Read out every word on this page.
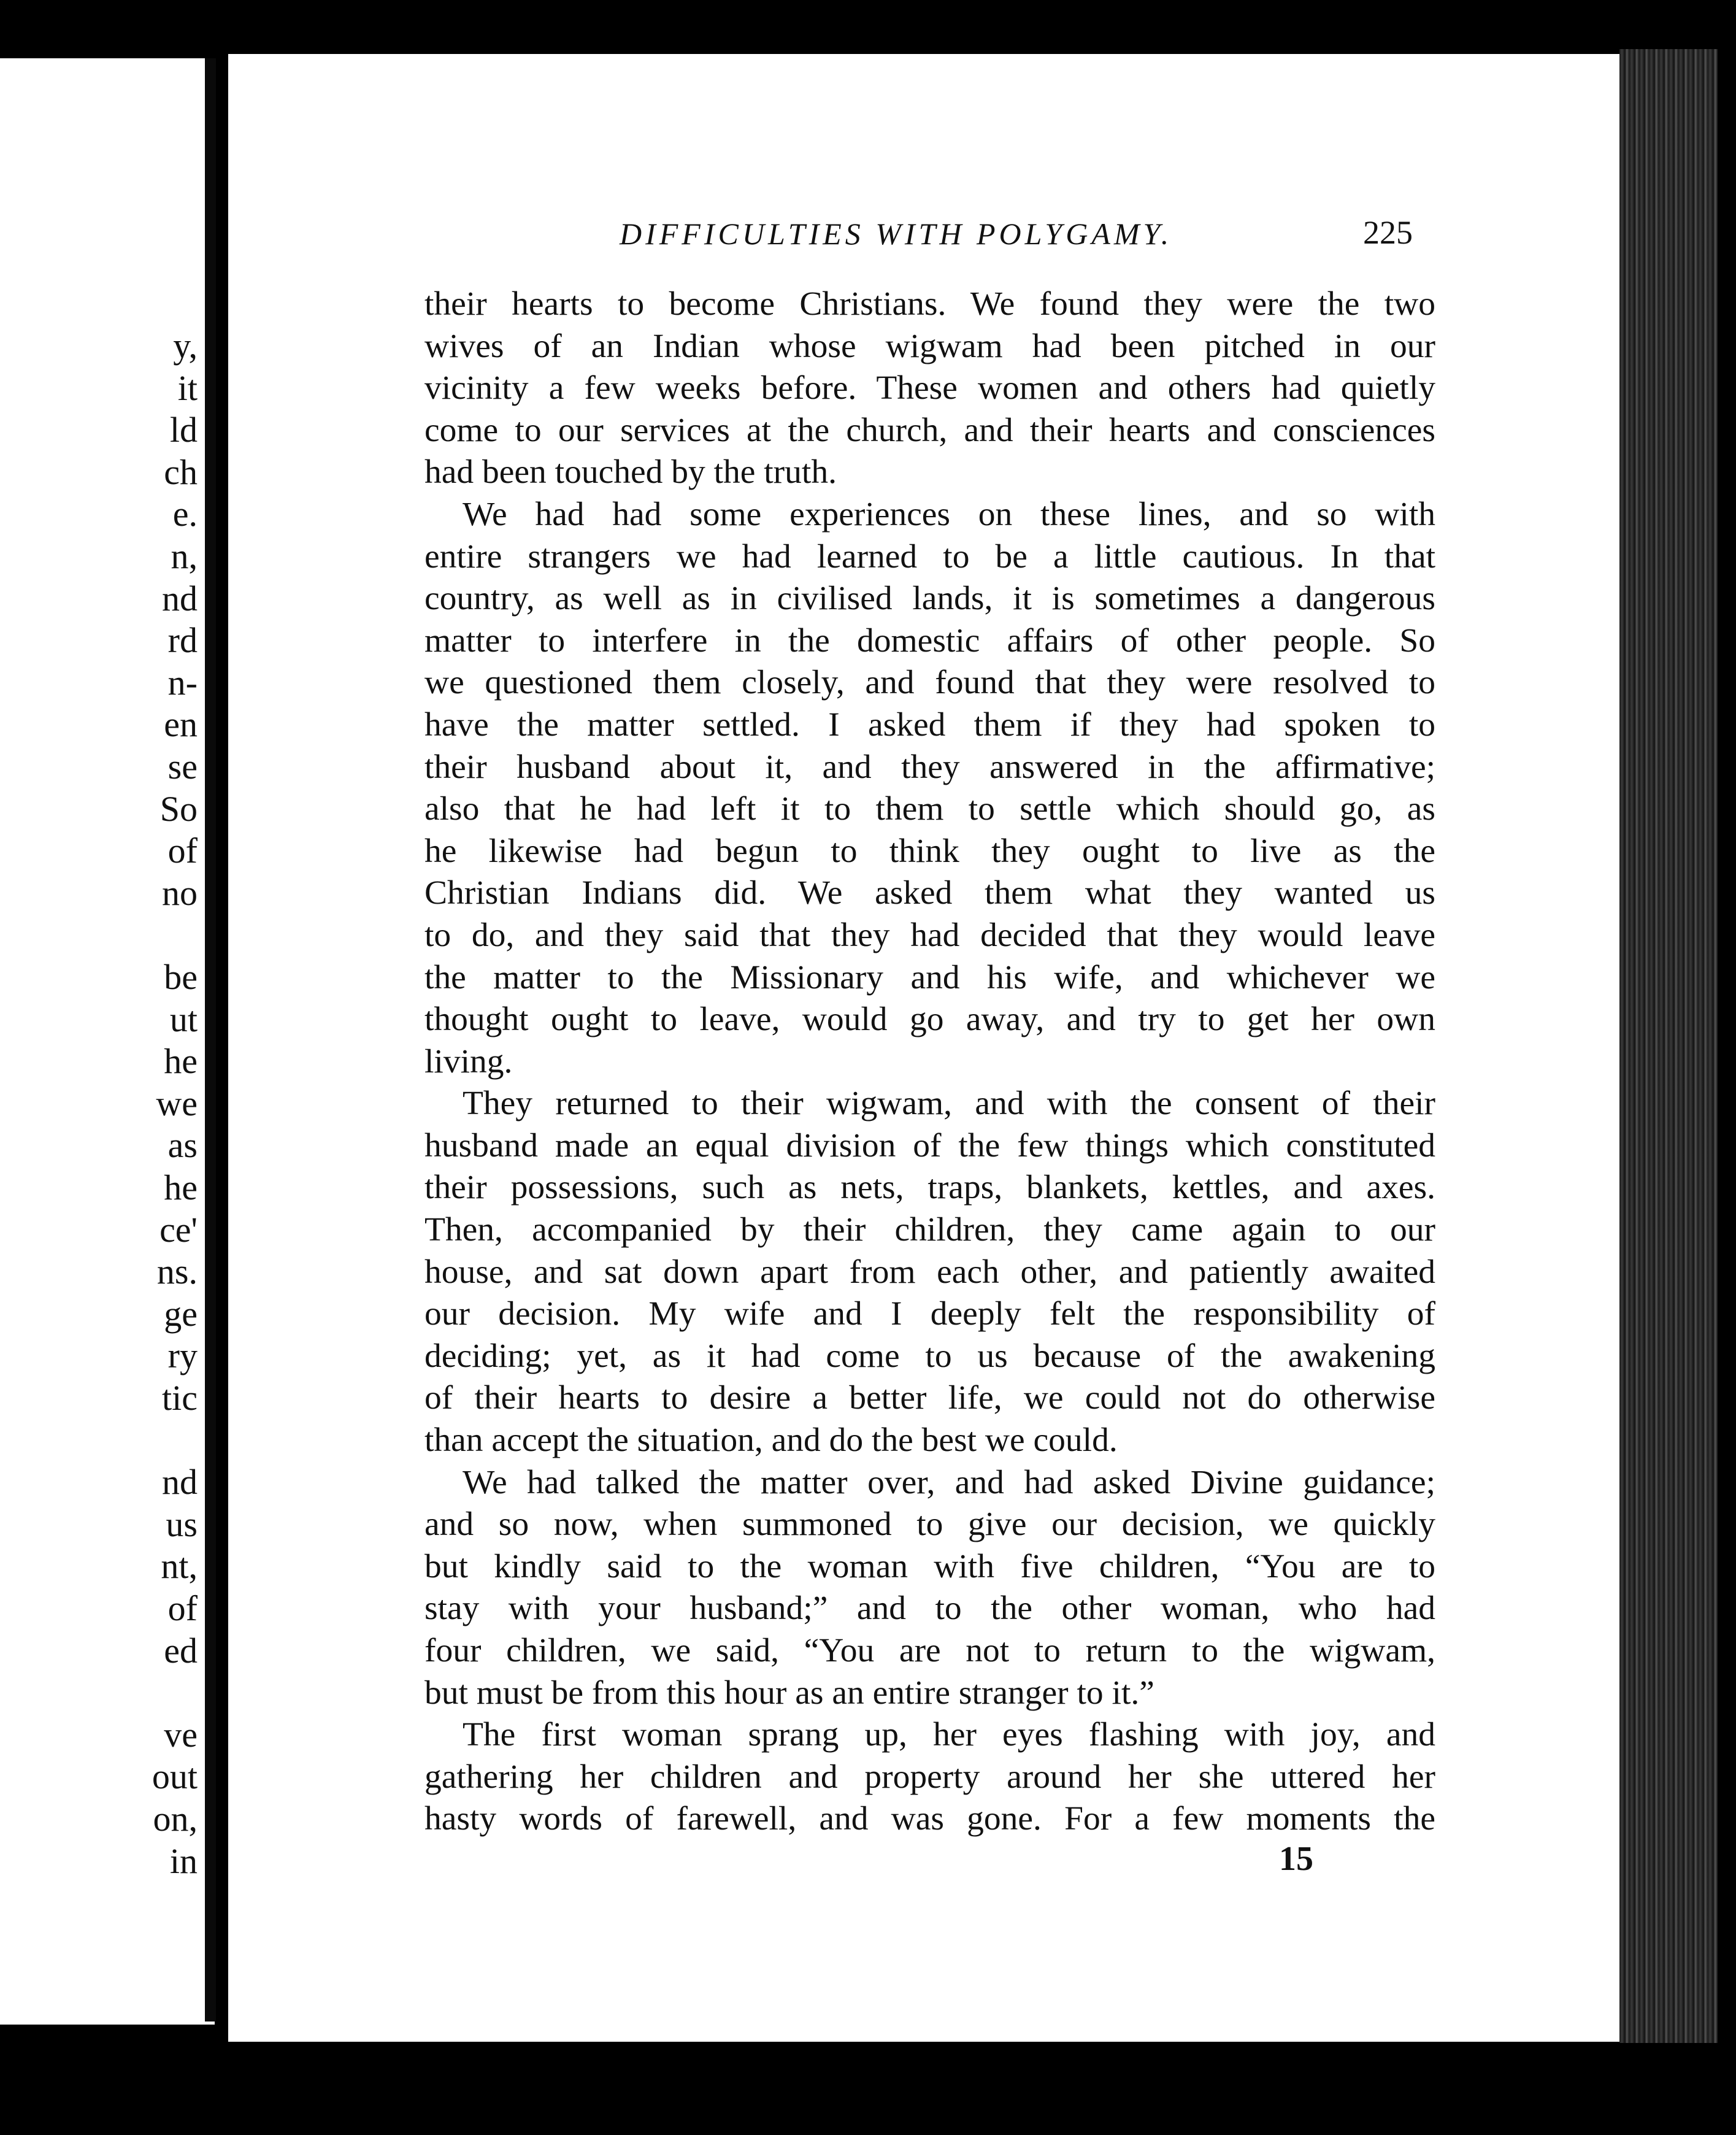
y,
it
ld
ch
e.
n,
nd
rd
n-
en
se
So
of
no
be
ut
he
we
as
he
ce'
ns.
ge
ry
tic
nd
us
nt,
of
ed
ve
out
on,
in
DIFFICULTIES WITH POLYGAMY.	225
their hearts to become Christians. We found they were the two
wives of an Indian whose wigwam had been pitched in our
vicinity a few weeks before. These women and others had quietly
come to our services at the church, and their hearts and consciences
had been touched by the truth.
We had had some experiences on these lines, and so with
entire strangers we had learned to be a little cautious. In that
country, as well as in civilised lands, it is sometimes a dangerous
matter to interfere in the domestic affairs of other people. So
we questioned them closely, and found that they were resolved to
have the matter settled. I asked them if they had spoken to
their husband about it, and they answered in the affirmative;
also that he had left it to them to settle which should go, as
he likewise had begun to think they ought to live as the
Christian Indians did. We asked them what they wanted us
to do, and they said that they had decided that they would leave
the matter to the Missionary and his wife, and whichever we
thought ought to leave, would go away, and try to get her own
living.
They returned to their wigwam, and with the consent of their
husband made an equal division of the few things which constituted
their possessions, such as nets, traps, blankets, kettles, and axes.
Then, accompanied by their children, they came again to our
house, and sat down apart from each other, and patiently awaited
our decision. My wife and I deeply felt the responsibility of
deciding; yet, as it had come to us because of the awakening
of their hearts to desire a better life, we could not do otherwise
than accept the situation, and do the best we could.
We had talked the matter over, and had asked Divine guidance;
and so now, when summoned to give our decision, we quickly
but kindly said to the woman with five children, “You are to
stay with your husband;” and to the other woman, who had
four children, we said, “You are not to return to the wigwam,
but must be from this hour as an entire stranger to it.”
The first woman sprang up, her eyes flashing with joy, and
gathering her children and property around her she uttered her
hasty words of farewell, and was gone. For a few moments the
15
